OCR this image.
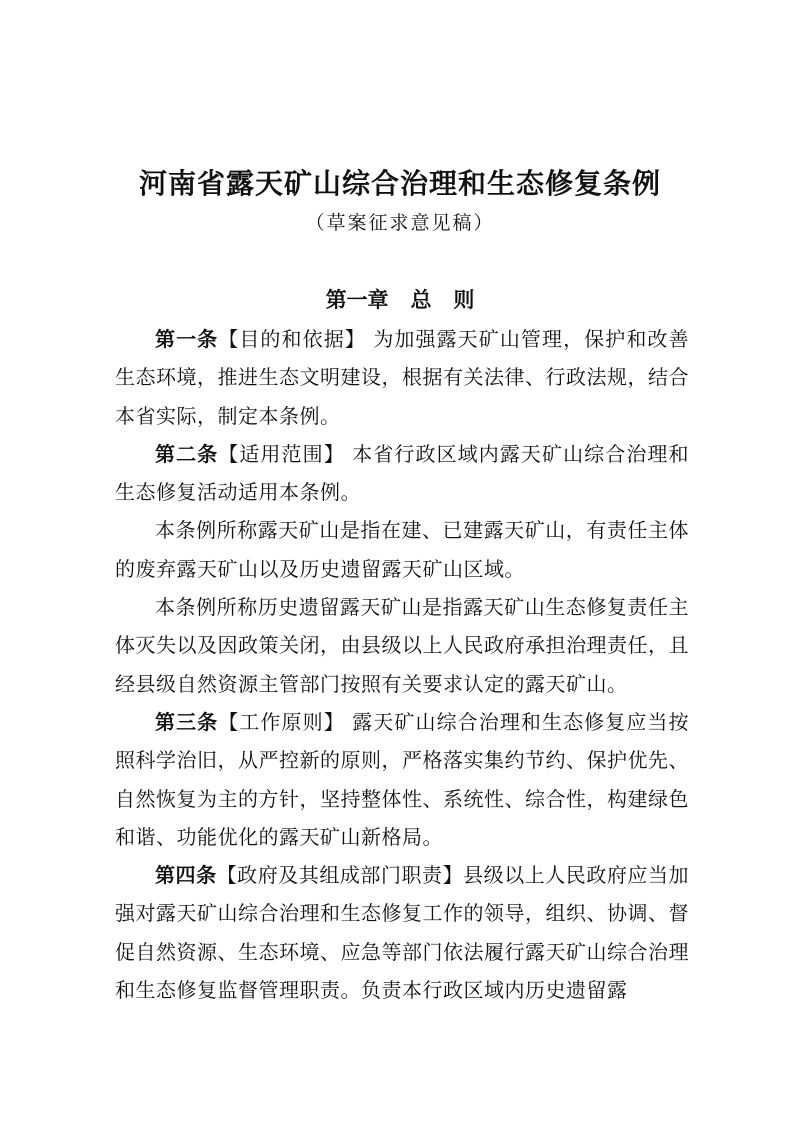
河南省露天矿山综合治理和生态修复条例
（草案征求意见稿）
第一章   总   则

第一条【目的和依据】 为加强露天矿山管理，保护和改善生态环境，推进生态文明建设，根据有关法律、行政法规，结合本省实际，制定本条例。

第二条【适用范围】 本省行政区域内露天矿山综合治理和生态修复活动适用本条例。

本条例所称露天矿山是指在建、已建露天矿山，有责任主体的废弃露天矿山以及历史遗留露天矿山区域。

本条例所称历史遗留露天矿山是指露天矿山生态修复责任主体灭失以及因政策关闭，由县级以上人民政府承担治理责任，且经县级自然资源主管部门按照有关要求认定的露天矿山。

第三条【工作原则】 露天矿山综合治理和生态修复应当按照科学治旧，从严控新的原则，严格落实集约节约、保护优先、自然恢复为主的方针，坚持整体性、系统性、综合性，构建绿色和谐、功能优化的露天矿山新格局。

第四条【政府及其组成部门职责】县级以上人民政府应当加强对露天矿山综合治理和生态修复工作的领导，组织、协调、督促自然资源、生态环境、应急等部门依法履行露天矿山综合治理和生态修复监督管理职责。负责本行政区域内历史遗留露
